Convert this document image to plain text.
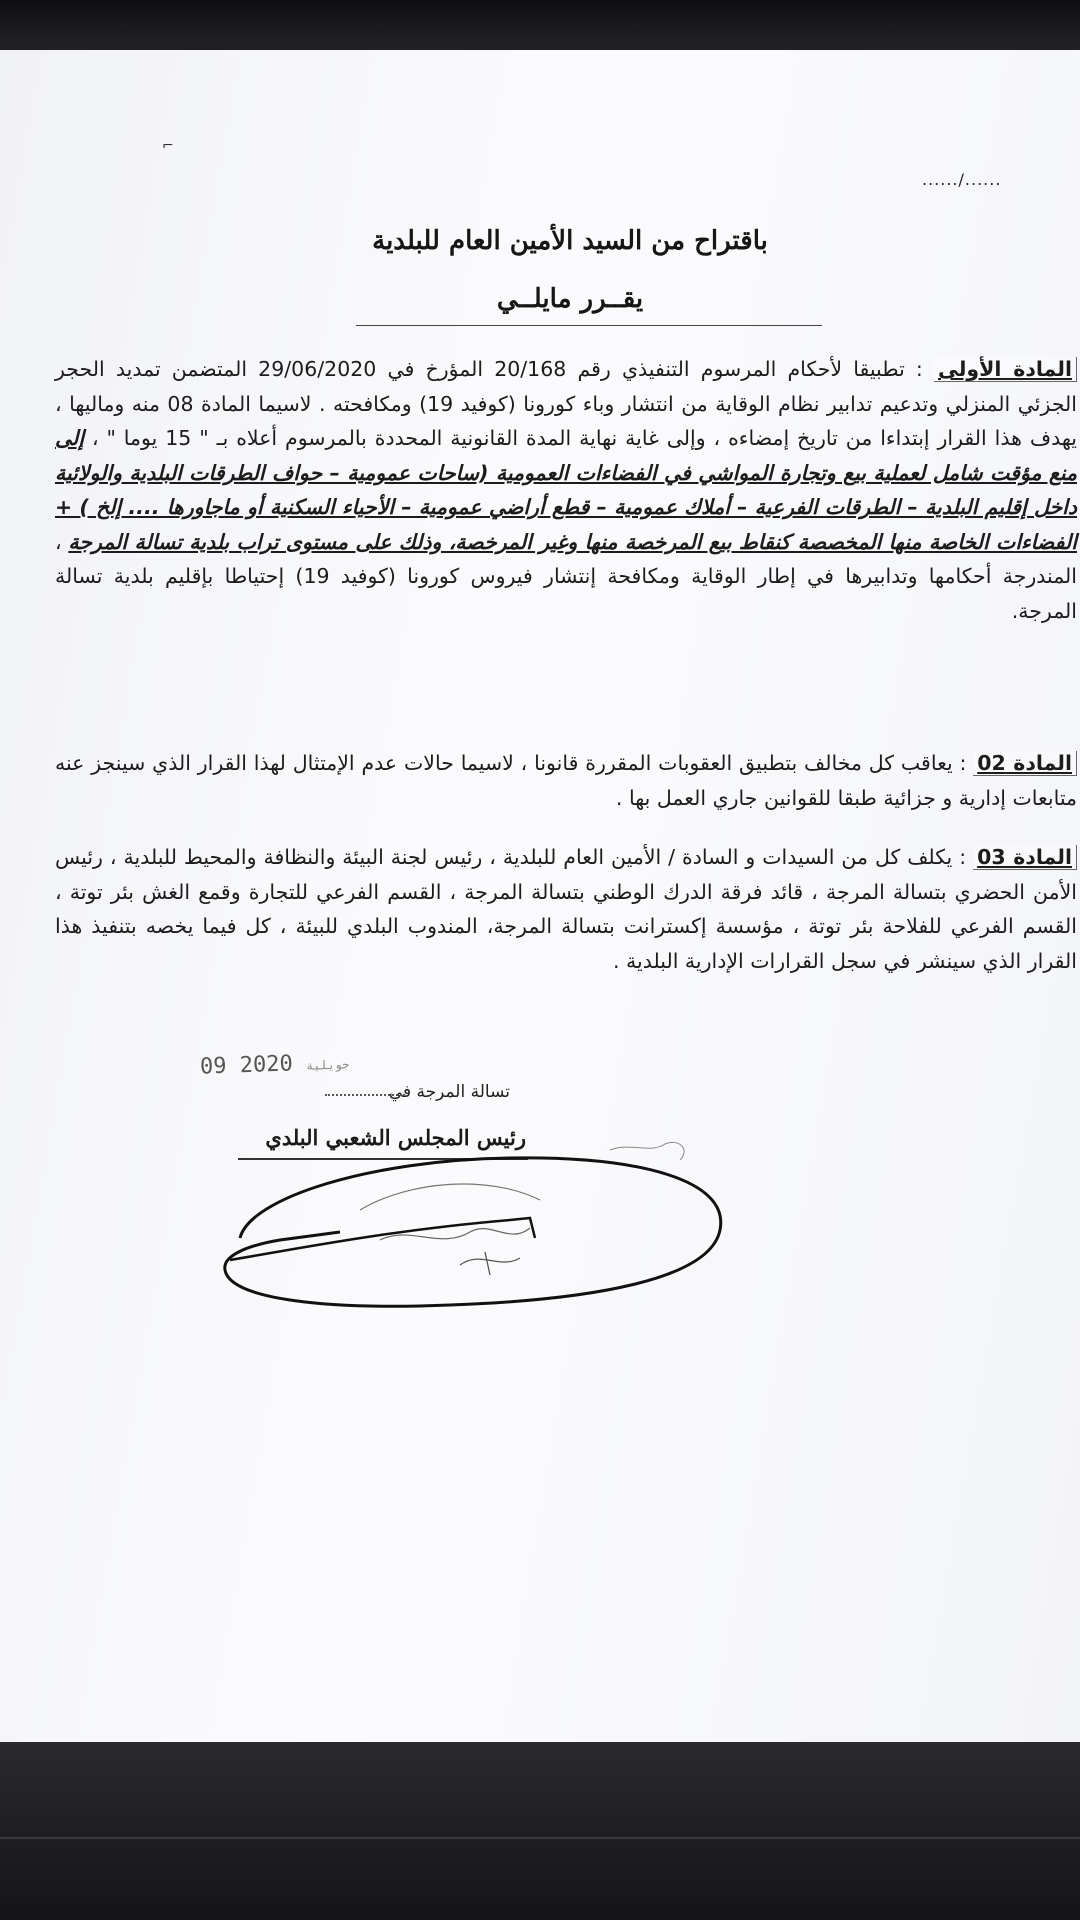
⌐
....../......
باقتراح من السيد الأمين العام للبلدية
يقــرر مايلــي
المادة الأولى : تطبيقا لأحكام المرسوم التنفيذي رقم 20/168 المؤرخ في 29/06/2020 المتضمن تمديد الحجر الجزئي المنزلي وتدعيم تدابير نظام الوقاية من انتشار وباء كورونا (كوفيد 19) ومكافحته . لاسيما المادة 08 منه وماليها ، يهدف هذا القرار إبتداءا من تاريخ إمضاءه ، وإلى غاية نهاية المدة القانونية المحددة بالمرسوم أعلاه بـ " 15 يوما " ، إلى منع مؤقت شامل لعملية بيع وتجارة المواشي في الفضاءات العمومية (ساحات عمومية – حواف الطرقات البلدية والولائية داخل إقليم البلدية – الطرقات الفرعية – أملاك عمومية – قطع أراضي عمومية – الأحياء السكنية أو ماجاورها .... إلخ ) + الفضاءات الخاصة منها المخصصة كنقاط بيع المرخصة منها وغير المرخصة، وذلك على مستوى تراب بلدية تسالة المرجة ، المندرجة أحكامها وتدابيرها في إطار الوقاية ومكافحة إنتشار فيروس كورونا (كوفيد 19) إحتياطا بإقليم بلدية تسالة المرجة.
المادة 02 : يعاقب كل مخالف بتطبيق العقوبات المقررة قانونا ، لاسيما حالات عدم الإمتثال لهذا القرار الذي سينجز عنه متابعات إدارية و جزائية طبقا للقوانين جاري العمل بها .
المادة 03 : يكلف كل من السيدات و السادة / الأمين العام للبلدية ، رئيس لجنة البيئة والنظافة والمحيط للبلدية ، رئيس الأمن الحضري بتسالة المرجة ، قائد فرقة الدرك الوطني بتسالة المرجة ، القسم الفرعي للتجارة وقمع الغش بئر توتة ، القسم الفرعي للفلاحة بئر توتة ، مؤسسة إكسترانت بتسالة المرجة، المندوب البلدي للبيئة ، كل فيما يخصه بتنفيذ هذا القرار الذي سينشر في سجل القرارات الإدارية البلدية .
09 2020 جويلية
تسالة المرجة في
رئيس المجلس الشعبي البلدي
